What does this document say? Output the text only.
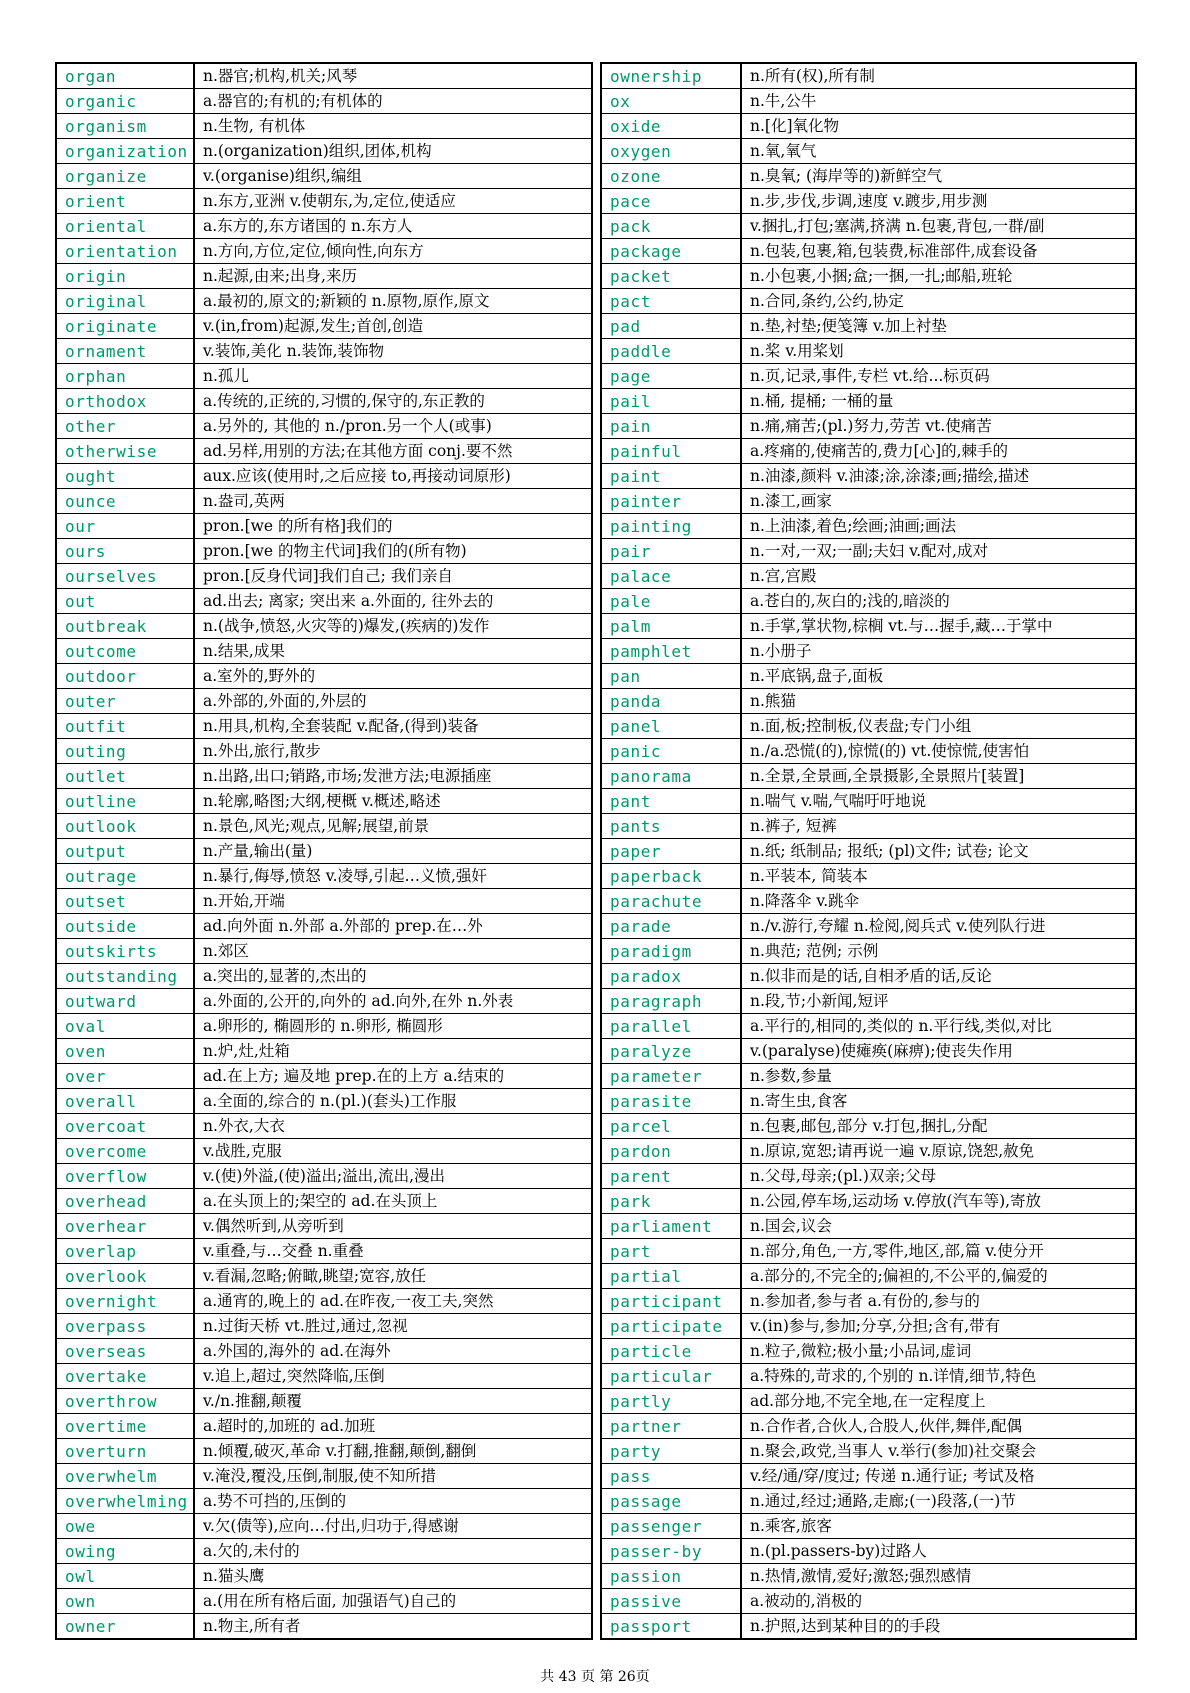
organ	n.器官;机构,机关;风琴
organic	a.器官的;有机的;有机体的
organism	n.生物, 有机体
organization	n.(organization)组织,团体,机构
organize	v.(organise)组织,编组
orient	n.东方,亚洲 v.使朝东,为,定位,使适应
oriental	a.东方的,东方诸国的 n.东方人
orientation	n.方向,方位,定位,倾向性,向东方
origin	n.起源,由来;出身,来历
original	a.最初的,原文的;新颖的 n.原物,原作,原文
originate	v.(in,from)起源,发生;首创,创造
ornament	v.装饰,美化 n.装饰,装饰物
orphan	n.孤儿
orthodox	a.传统的,正统的,习惯的,保守的,东正教的
other	a.另外的, 其他的 n./pron.另一个人(或事)
otherwise	ad.另样,用别的方法;在其他方面 conj.要不然
ought	aux.应该(使用时,之后应接 to,再接动词原形)
ounce	n.盎司,英两
our	pron.[we 的所有格]我们的
ours	pron.[we 的物主代词]我们的(所有物)
ourselves	pron.[反身代词]我们自己; 我们亲自
out	ad.出去; 离家; 突出来 a.外面的, 往外去的
outbreak	n.(战争,愤怒,火灾等的)爆发,(疾病的)发作
outcome	n.结果,成果
outdoor	a.室外的,野外的
outer	a.外部的,外面的,外层的
outfit	n.用具,机构,全套装配 v.配备,(得到)装备
outing	n.外出,旅行,散步
outlet	n.出路,出口;销路,市场;发泄方法;电源插座
outline	n.轮廓,略图;大纲,梗概 v.概述,略述
outlook	n.景色,风光;观点,见解;展望,前景
output	n.产量,输出(量)
outrage	n.暴行,侮辱,愤怒 v.凌辱,引起…义愤,强奸
outset	n.开始,开端
outside	ad.向外面 n.外部 a.外部的 prep.在…外
outskirts	n.郊区
outstanding	a.突出的,显著的,杰出的
outward	a.外面的,公开的,向外的 ad.向外,在外 n.外表
oval	a.卵形的, 椭圆形的 n.卵形, 椭圆形
oven	n.炉,灶,灶箱
over	ad.在上方; 遍及地 prep.在的上方 a.结束的
overall	a.全面的,综合的 n.(pl.)(套头)工作服
overcoat	n.外衣,大衣
overcome	v.战胜,克服
overflow	v.(使)外溢,(使)溢出;溢出,流出,漫出
overhead	a.在头顶上的;架空的 ad.在头顶上
overhear	v.偶然听到,从旁听到
overlap	v.重叠,与…交叠 n.重叠
overlook	v.看漏,忽略;俯瞰,眺望;宽容,放任
overnight	a.通宵的,晚上的 ad.在昨夜,一夜工夫,突然
overpass	n.过街天桥 vt.胜过,通过,忽视
overseas	a.外国的,海外的 ad.在海外
overtake	v.追上,超过,突然降临,压倒
overthrow	v./n.推翻,颠覆
overtime	a.超时的,加班的 ad.加班
overturn	n.倾覆,破灭,革命 v.打翻,推翻,颠倒,翻倒
overwhelm	v.淹没,覆没,压倒,制服,使不知所措
overwhelming	a.势不可挡的,压倒的
owe	v.欠(债等),应向…付出,归功于,得感谢
owing	a.欠的,未付的
owl	n.猫头鹰
own	a.(用在所有格后面, 加强语气)自己的
owner	n.物主,所有者
ownership	n.所有(权),所有制
ox	n.牛,公牛
oxide	n.[化]氧化物
oxygen	n.氧,氧气
ozone	n.臭氧; (海岸等的)新鲜空气
pace	n.步,步伐,步调,速度 v.踱步,用步测
pack	v.捆扎,打包;塞满,挤满 n.包裹,背包,一群/副
package	n.包装,包裹,箱,包装费,标准部件,成套设备
packet	n.小包裹,小捆;盒;一捆,一扎;邮船,班轮
pact	n.合同,条约,公约,协定
pad	n.垫,衬垫;便笺簿 v.加上衬垫
paddle	n.桨 v.用桨划
page	n.页,记录,事件,专栏 vt.给...标页码
pail	n.桶, 提桶; 一桶的量
pain	n.痛,痛苦;(pl.)努力,劳苦 vt.使痛苦
painful	a.疼痛的,使痛苦的,费力[心]的,棘手的
paint	n.油漆,颜料 v.油漆;涂,涂漆;画;描绘,描述
painter	n.漆工,画家
painting	n.上油漆,着色;绘画;油画;画法
pair	n.一对,一双;一副;夫妇 v.配对,成对
palace	n.宫,宫殿
pale	a.苍白的,灰白的;浅的,暗淡的
palm	n.手掌,掌状物,棕榈 vt.与…握手,藏…于掌中
pamphlet	n.小册子
pan	n.平底锅,盘子,面板
panda	n.熊猫
panel	n.面,板;控制板,仪表盘;专门小组
panic	n./a.恐慌(的),惊慌(的) vt.使惊慌,使害怕
panorama	n.全景,全景画,全景摄影,全景照片[装置]
pant	n.喘气 v.喘,气喘吁吁地说
pants	n.裤子, 短裤
paper	n.纸; 纸制品; 报纸; (pl)文件; 试卷; 论文
paperback	n.平装本, 简装本
parachute	n.降落伞 v.跳伞
parade	n./v.游行,夸耀 n.检阅,阅兵式 v.使列队行进
paradigm	n.典范; 范例; 示例
paradox	n.似非而是的话,自相矛盾的话,反论
paragraph	n.段,节;小新闻,短评
parallel	a.平行的,相同的,类似的 n.平行线,类似,对比
paralyze	v.(paralyse)使瘫痪(麻痹);使丧失作用
parameter	n.参数,参量
parasite	n.寄生虫,食客
parcel	n.包裹,邮包,部分 v.打包,捆扎,分配
pardon	n.原谅,宽恕;请再说一遍 v.原谅,饶恕,赦免
parent	n.父母,母亲;(pl.)双亲;父母
park	n.公园,停车场,运动场 v.停放(汽车等),寄放
parliament	n.国会,议会
part	n.部分,角色,一方,零件,地区,部,篇 v.使分开
partial	a.部分的,不完全的;偏袒的,不公平的,偏爱的
participant	n.参加者,参与者 a.有份的,参与的
participate	v.(in)参与,参加;分享,分担;含有,带有
particle	n.粒子,微粒;极小量;小品词,虚词
particular	a.特殊的,苛求的,个别的 n.详情,细节,特色
partly	ad.部分地,不完全地,在一定程度上
partner	n.合作者,合伙人,合股人,伙伴,舞伴,配偶
party	n.聚会,政党,当事人 v.举行(参加)社交聚会
pass	v.经/通/穿/度过; 传递 n.通行证; 考试及格
passage	n.通过,经过;通路,走廊;(一)段落,(一)节
passenger	n.乘客,旅客
passer-by	n.(pl.passers-by)过路人
passion	n.热情,激情,爱好;激怒;强烈感情
passive	a.被动的,消极的
passport	n.护照,达到某种目的的手段
共 43 页 第 26页
